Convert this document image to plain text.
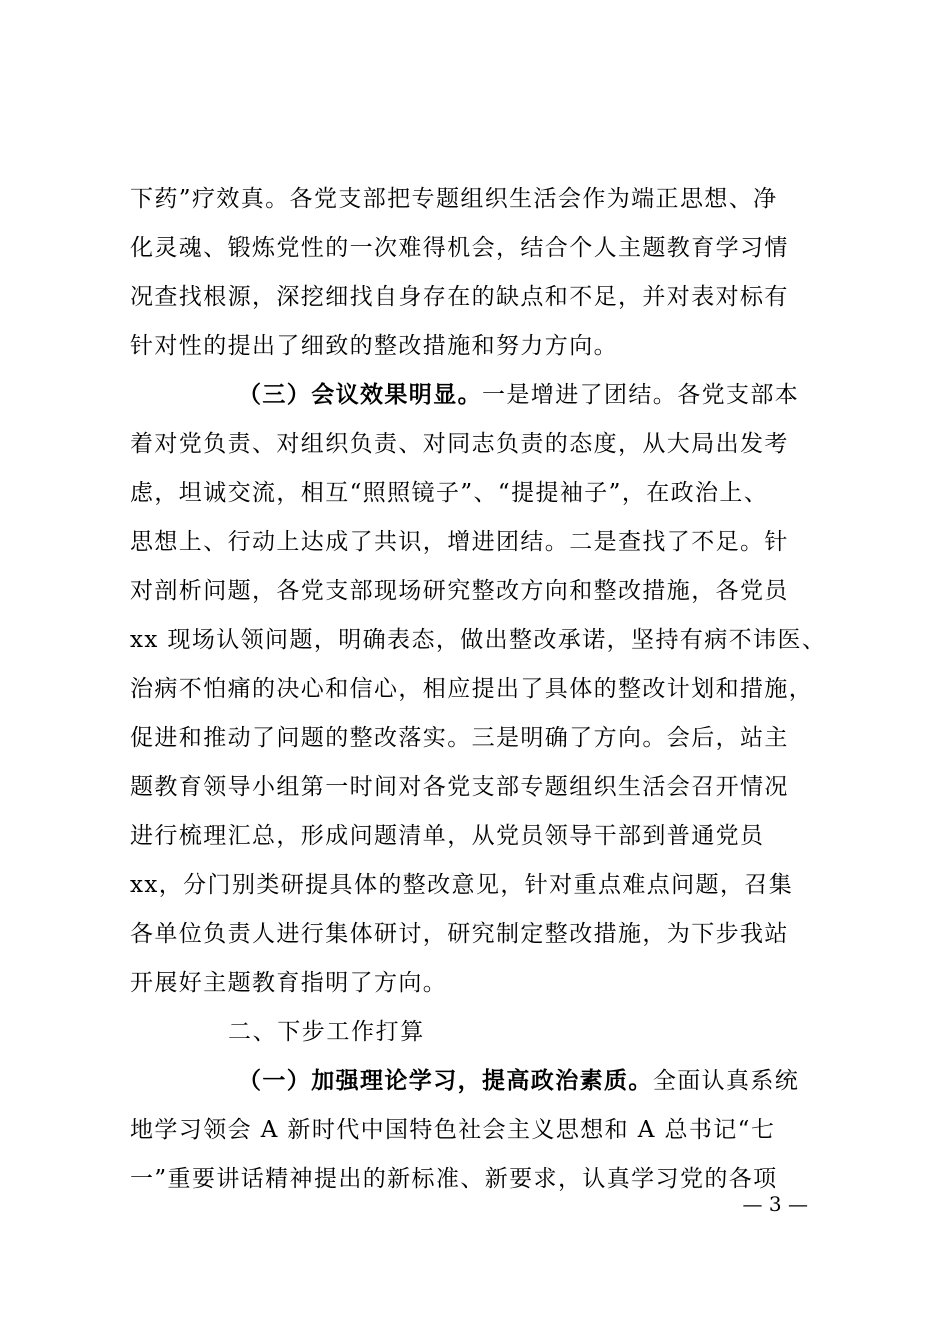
下药”疗效真。各党支部把专题组织生活会作为端正思想、净
化灵魂、锻炼党性的一次难得机会，结合个人主题教育学习情
况查找根源，深挖细找自身存在的缺点和不足，并对表对标有
针对性的提出了细致的整改措施和努力方向。
（三）会议效果明显。一是增进了团结。各党支部本
着对党负责、对组织负责、对同志负责的态度，从大局出发考
虑，坦诚交流，相互“照照镜子”、“提提袖子”，在政治上、
思想上、行动上达成了共识，增进团结。二是查找了不足。针
对剖析问题，各党支部现场研究整改方向和整改措施，各党员
xx 现场认领问题，明确表态，做出整改承诺，坚持有病不讳医、
治病不怕痛的决心和信心，相应提出了具体的整改计划和措施，
促进和推动了问题的整改落实。三是明确了方向。会后，站主
题教育领导小组第一时间对各党支部专题组织生活会召开情况
进行梳理汇总，形成问题清单，从党员领导干部到普通党员
xx，分门别类研提具体的整改意见，针对重点难点问题，召集
各单位负责人进行集体研讨，研究制定整改措施，为下步我站
开展好主题教育指明了方向。
二、下步工作打算
（一）加强理论学习，提高政治素质。全面认真系统
地学习领会 A 新时代中国特色社会主义思想和 A 总书记“七
一”重要讲话精神提出的新标准、新要求，认真学习党的各项
— 3 —
